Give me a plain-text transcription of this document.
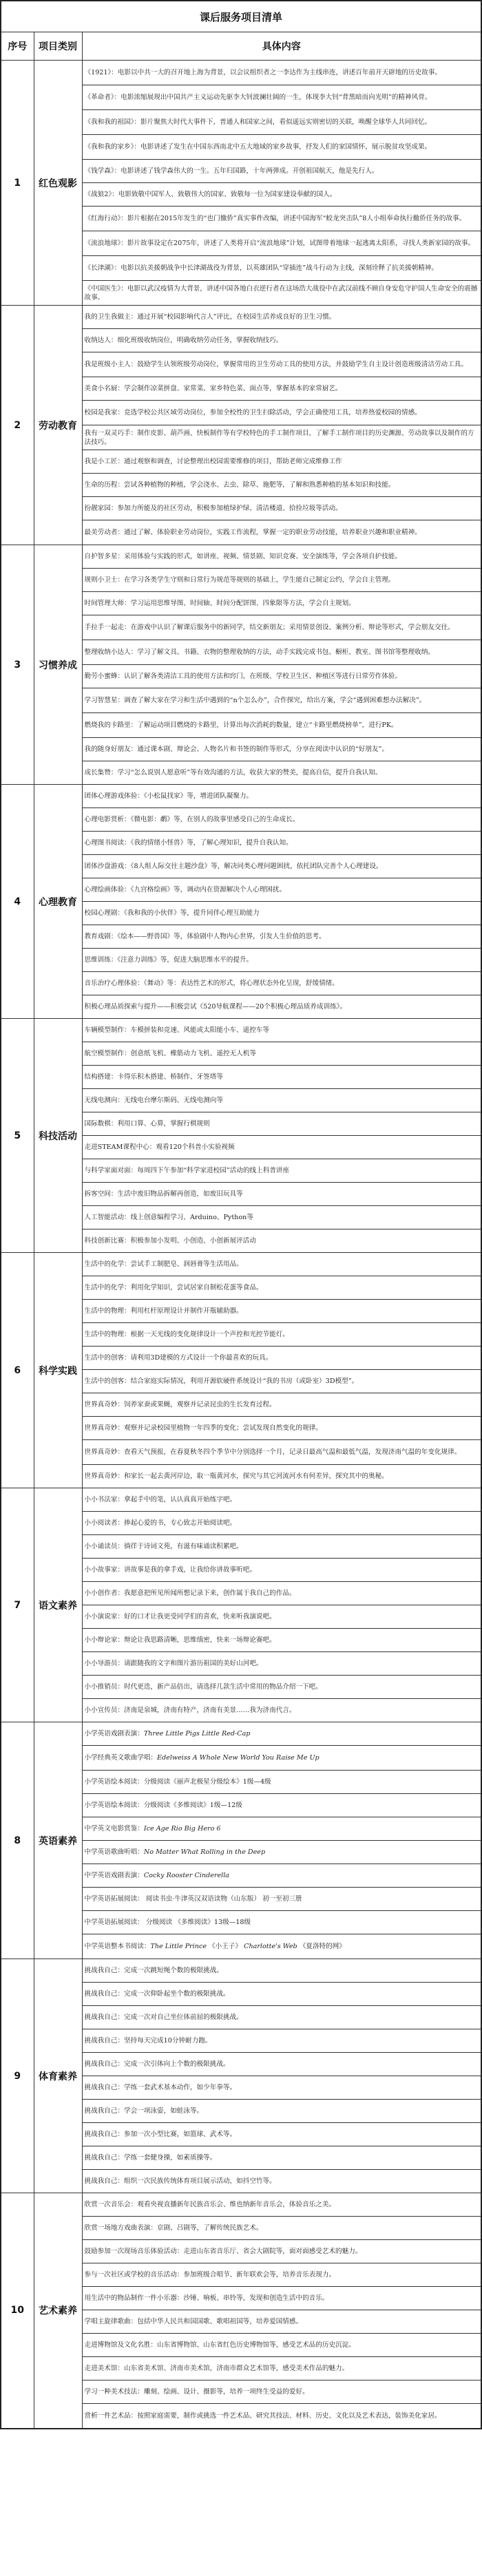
课后服务项目清单		
序号	项目类别	具体内容
1	红色观影	《1921》：电影以中共一大的召开地上海为背景，以会议组织者之一李达作为主线串连，讲述百年前开天辟地的历史故事。
		《革命者》：电影浓缩展现出中国共产主义运动先驱李大钊波澜壮阔的一生，体现李大钊“背黑暗而向光明”的精神风骨。
		《我和我的祖国》：影片聚焦大时代大事件下，普通人和国家之间，看似遥远实则密切的关联，唤醒全球华人共同回忆。
		《我和我的家乡》：电影讲述了发生在中国东西南北中五大地域的家乡故事，抒发人们的家国情怀，展示脱贫攻坚成果。
		《钱学森》：电影讲述了钱学森伟大的一生。五年归国路，十年两弹成。开创祖国航天，他是先行人。
		《战狼2》：电影致敬中国军人、致敬伟大的国家、致敬每一位为国家建设奉献的国人。
		《红海行动》：影片根据在2015年发生的“也门撤侨”真实事件改编，讲述中国海军“蛟龙突击队”8人小组奉命执行撤侨任务的故事。
		《流浪地球》：影片故事设定在2075年，讲述了人类将开启“流浪地球”计划，试图带着地球一起逃离太阳系，寻找人类新家园的故事。
		《长津湖》：电影以抗美援朝战争中长津湖战役为背景，以英雄团队“穿插连”战斗行动为主线，深刻诠释了抗美援朝精神。
		《中国医生》：电影以武汉疫情为大背景，讲述中国各地白衣逆行者在这场浩大战役中在武汉前线不顾自身安危守护国人生命安全的震撼故事。
2	劳动教育	我的卫生我做主：通过开展“校园影响代言人”评比，在校园生活养成良好的卫生习惯。
		收纳达人：细化班级收纳岗位，明确收纳劳动任务，掌握收纳技巧。
		我是班级小主人：鼓励学生认领班级劳动岗位，掌握常用的卫生劳动工具的使用方法，并鼓励学生自主设计创造班级清洁劳动工具。
		美食小名厨：学会制作凉菜拼盘、家常菜、家乡特色菜、面点等，掌握基本的家常厨艺。
		校园是我家：竞选学校公共区域劳动岗位，参加全校性的卫生扫除活动，学会正确使用工具，培养热爱校园的情感。
		我有一双灵巧手：制作皮影、葫芦画、快板制作等有学校特色的手工制作项目，了解手工制作项目的历史渊源、劳动故事以及制作的方法技巧。
		我是小工匠：通过观察和调查，讨论整理出校园需要维修的项目，帮助老师完成维修工作
		生命的历程：尝试各种植物的种植，学会浇水、去虫、除草、施肥等，了解和熟悉种植的基本知识和技能。
		扮靓家园：参加力所能及的社区劳动，积极参加植绿护绿、清洁楼道、拾捡垃圾等活动。
		最美劳动者：通过了解、体验职业劳动岗位，实践工作流程，掌握一定的职业劳动技能，培养职业兴趣和职业精神。
3	习惯养成	自护智多星：采用体验与实践的形式，如讲座、视频、情景剧、知识竞赛、安全演练等，学会各项自护技能。
		规则小卫士：在学习各类学生守则和日常行为规范等规则的基础上，学生能自己制定公约，学会自主管理。
		时间管理大师：学习运用思维导图、时间轴、时间分配饼图、四象限等方法，学会自主规划。
		手拉手一起走：在游戏中认识了解课后服务中的新同学，结交新朋友；采用情景创设、案例分析、辩论等形式，学会朋友交往。
		整理收纳小达人：学习了解文具、书籍、衣物的整理收纳的方法，动手实践完成书包、橱柜、教室、图书馆等整理收纳。
		勤劳小蜜蜂：认识了解各类清洁工具的使用方法和窍门，在班级、学校卫生区、种植区等进行日常劳作体验。
		学习智慧星：调查了解大家在学习和生活中遇到的“n个怎么办”，合作探究，给出方案，学会“遇到困难想办法解决”。
		燃烧我的卡路里：了解运动项目燃烧的卡路里，计算出每次消耗的数量，建立“卡路里燃烧榜单”，进行PK。
		我的随身好朋友：通过课本剧、辩论会、人物名片和书签的制作等形式，分享在阅读中认识的“好朋友”。
		成长集赞：学习“怎么说别人愿意听”等有效沟通的方法，收获大家的赞美，提高自信，提升自我认知。
4	心理教育	团体心理游戏体验：《小松鼠找家》等，增进团队凝聚力。
		心理电影赏析：《微电影：鹬》等，在别人的故事里感受自己的生命成长。
		心理图书阅读：《我的情绪小怪兽》等，了解心理知识，提升自我认知。
		团体沙盘游戏：《8人组人际交往主题沙盘》等，解决同类心理问题困扰，依托团队完善个人心理建设。
		心理绘画体验：《九宫格绘画》等，调动内在资源解决个人心理困扰。
		校园心理剧：《我和我的小伙伴》等，提升同伴心理互助能力
		教育戏剧：《绘本——野兽国》等，体验剧中人物内心世界，引发人生价值的思考。
		思维训练：《注意力训练》等，促进大脑思维水平的提升。
		音乐治疗心理体验：《舞动》等：表达性艺术的形式，将心理状态外化呈现，舒缓情绪。
		积极心理品质探索与提升——积极尝试《520导航课程——20个积极心理品质养成训练》。
5	科技活动	车辆模型制作：车模拼装和竞速、风能或太阳能小车、遥控车等
		航空模型制作：创意纸飞机、橡筋动力飞机、遥控无人机等
		结构搭建：卡得乐积木搭建、桥制作、牙签塔等
		无线电测向：无线电台摩尔斯码、无线电测向等
		国际数棋：利用口算、心算，掌握行棋规则
		走进STEAM课程中心：观看120个科普小实验视频
		与科学家面对面：每周四下午参加“科学家进校园”活动的线上科普讲座
		拆客空间：生活中废旧物品拆解再创造，如废旧玩具等
		人工智能活动：线上创意编程学习、Arduino、Python等
		科技创新比赛：积极参加小发明、小创造、小创新展评活动
6	科学实践	生活中的化学：尝试手工制肥皂、润唇膏等生活用品。
		生活中的化学：利用化学知识，尝试居家自制松花蛋等食品。
		生活中的物理：利用杠杆原理设计并制作开瓶辅助器。
		生活中的物理：根据一天光线的变化规律设计一个声控和光控节能灯。
		生活中的创客：请利用3D建模的方式设计一个你最喜欢的玩具。
		生活中的创客：结合家庭实际情况，利用开源软硬件系统设计“我的书房（或卧室）3D模型”。
		世界真奇妙：饲养家蚕或果蝇，观察并记录昆虫的生长发育过程。
		世界真奇妙：观察并记录校园里植物一年四季的变化；尝试发现自然变化的规律。
		世界真奇妙：查看天气预报，在春夏秋冬四个季节中分别选择一个月，记录日最高气温和最低气温，发现济南气温的年变化规律。
		世界真奇妙：和家长一起去黄河岸边，取一瓶黄河水，探究与其它河流河水有何差异，探究其中的奥秘。
7	语文素养	小小书法家：拿起手中的笔，认认真真开始练字吧。
		小小阅读者：捧起心爱的书，专心致志开始阅读吧。
		小小诵读员：徜徉于诗词文苑，有滋有味诵读积累吧。
		小小故事家：讲故事是我的拿手戏，让我给你讲故事听吧。
		小小创作者：我愿意把所见所闻所想记录下来，创作属于我自己的作品。
		小小演说家：好的口才让我更受同学们的喜欢，快来听我演说吧。
		小小辩论家：辩论让我思路清晰，思维缜密，快来一场辩论赛吧。
		小小导游员：请跟随我的文字和图片游历祖国的美好山河吧。
		小小推销员：时代更迭，新产品倍出，请选择几款生活中常用的物品介绍一下吧。
		小小宣传员：济南是泉城，济南有特产，济南有美景……我为济南代言。
8	英语素养	小学英语戏剧表演：Three Little Pigs Little Red-Cap
		小学经典英文歌曲学唱：Edelweiss A Whole New World You Raise Me Up
		小学英语绘本阅读：分级阅读《丽声北极星分级绘本》1级—4级
		小学英语绘本阅读：分级阅读《多维阅读》1级—12级
		中学英文电影赏鉴：Ice Age Rio Big Hero 6
		中学英语歌曲听唱：No Matter What Rolling in the Deep
		中学英语戏剧表演：Cocky Rooster Cinderella
		中学英语拓展阅读： 阅读书虫·牛津英汉双语读物（山东版） 初一至初三册
		中学英语拓展阅读： 分级阅读 《多维阅读》13级—18级
		中学英语整本书阅读：The Little Prince 《小王子》 Charlotte's Web 《夏洛特的网》
9	体育素养	挑战我自己：完成一次跳短绳个数的极限挑战。
		挑战我自己：完成一次仰卧起坐个数的极限挑战。
		挑战我自己：完成一次对自己坐位体前屈的极限挑战。
		挑战我自己：坚持每天完成10分钟耐力跑。
		挑战我自己：完成一次引体向上个数的极限挑战。
		挑战我自己：学练一套武术基本动作，如少年拳等。
		挑战我自己：学会一项泳姿，如蛙泳等。
		挑战我自己：参加一次小型比赛，如篮球、武术等。
		挑战我自己：学练一套健身操，如素质操等。
		挑战我自己：组织一次民族传统体育项目展示活动，如抖空竹等。
10	艺术素养	欣赏一次音乐会：观看央视直播新年民族音乐会、维也纳新年音乐会，体验音乐之美。
		欣赏一场地方戏曲表演：京剧、吕剧等，了解传统民族艺术。
		鼓励参加一次现场音乐体验活动：走进山东省音乐厅、省会大剧院等，面对面感受艺术的魅力。
		参与一次社区或学校的音乐活动：参加班级合唱节、新年联欢会等，培养音乐表现力。
		用生活中的物品制作一件小乐器：沙锤、响板、串铃等，发现和创造生活中的音乐。
		学唱主旋律歌曲：包括中华人民共和国国歌、歌唱祖国等，培养爱国情感。
		走进博物馆及文化名胜：山东省博物馆、山东省红色历史博物馆等，感受艺术品的历史沉淀。
		走进美术馆：山东省美术馆、济南市美术馆，济南市群众艺术馆等，感受美术作品的魅力。
		学习一种美术技法：雕刻、绘画、设计、摄影等，培养一项终生受益的爱好。
		赏析一件艺术品：按照家庭需要，制作或挑选一件艺术品、研究其技法、材料、历史、文化以及艺术表达，装饰美化家居。
